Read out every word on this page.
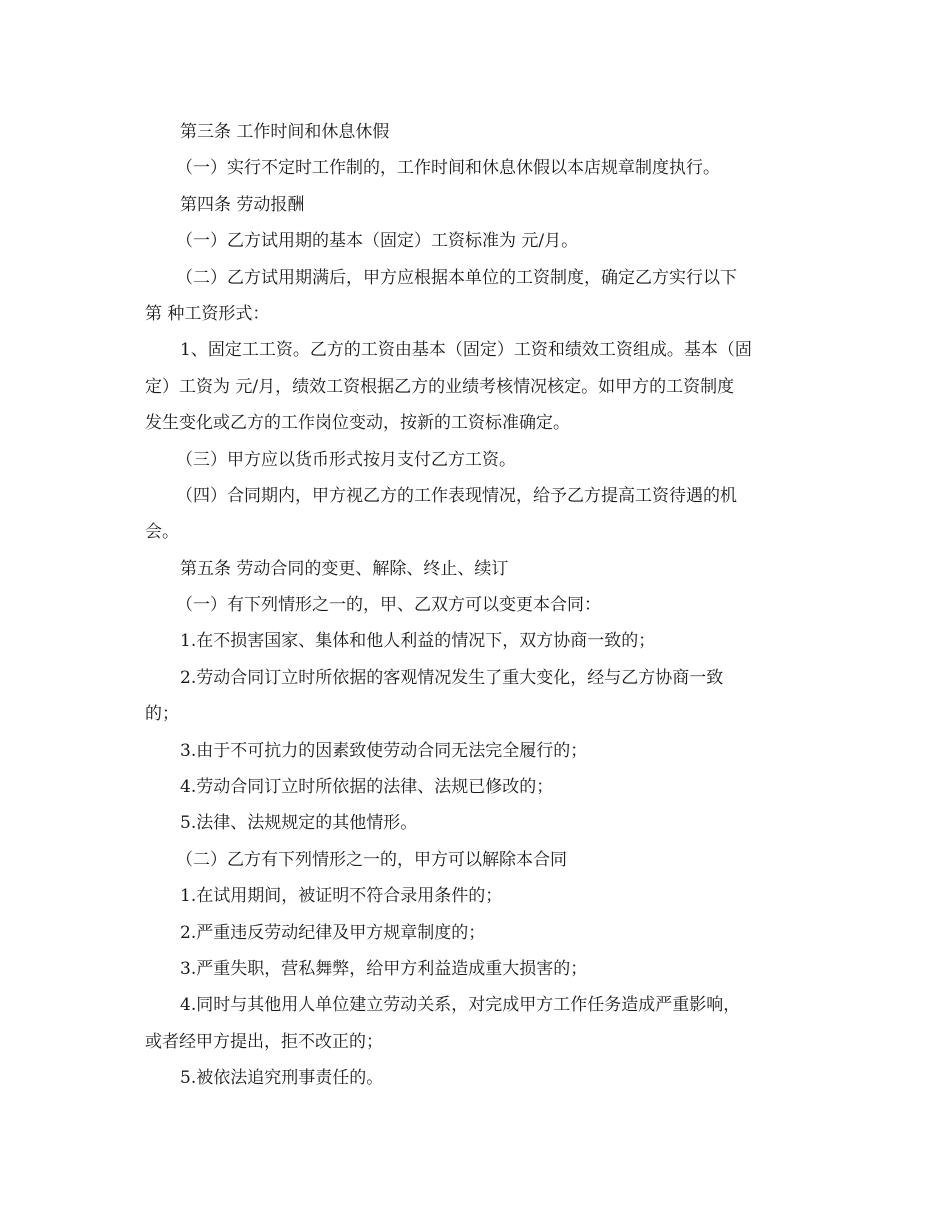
第三条 工作时间和休息休假
（一）实行不定时工作制的，工作时间和休息休假以本店规章制度执行。
第四条 劳动报酬
（一）乙方试用期的基本（固定）工资标准为 元/月。
（二）乙方试用期满后，甲方应根据本单位的工资制度，确定乙方实行以下
第 种工资形式：
1、固定工工资。乙方的工资由基本（固定）工资和绩效工资组成。基本（固
定）工资为 元/月，绩效工资根据乙方的业绩考核情况核定。如甲方的工资制度
发生变化或乙方的工作岗位变动，按新的工资标准确定。
（三）甲方应以货币形式按月支付乙方工资。
（四）合同期内，甲方视乙方的工作表现情况，给予乙方提高工资待遇的机
会。
第五条 劳动合同的变更、解除、终止、续订
（一）有下列情形之一的，甲、乙双方可以变更本合同：
1.在不损害国家、集体和他人利益的情况下，双方协商一致的；
2.劳动合同订立时所依据的客观情况发生了重大变化，经与乙方协商一致
的；
3.由于不可抗力的因素致使劳动合同无法完全履行的；
4.劳动合同订立时所依据的法律、法规已修改的；
5.法律、法规规定的其他情形。
（二）乙方有下列情形之一的，甲方可以解除本合同
1.在试用期间，被证明不符合录用条件的；
2.严重违反劳动纪律及甲方规章制度的；
3.严重失职，营私舞弊，给甲方利益造成重大损害的；
4.同时与其他用人单位建立劳动关系，对完成甲方工作任务造成严重影响，
或者经甲方提出，拒不改正的；
5.被依法追究刑事责任的。
